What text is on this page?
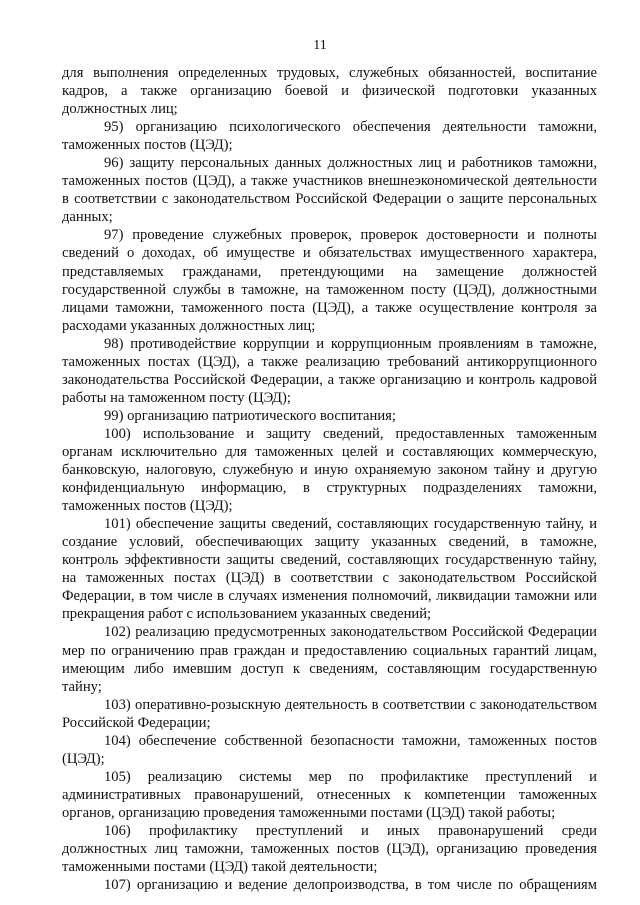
11

для выполнения определенных трудовых, служебных обязанностей, воспитание кадров, а также организацию боевой и физической подготовки указанных должностных лиц;

95) организацию психологического обеспечения деятельности таможни, таможенных постов (ЦЭД);

96) защиту персональных данных должностных лиц и работников таможни, таможенных постов (ЦЭД), а также участников внешнеэкономической деятельности в соответствии с законодательством Российской Федерации о защите персональных данных;

97) проведение служебных проверок, проверок достоверности и полноты сведений о доходах, об имуществе и обязательствах имущественного характера, представляемых гражданами, претендующими на замещение должностей государственной службы в таможне, на таможенном посту (ЦЭД), должностными лицами таможни, таможенного поста (ЦЭД), а также осуществление контроля за расходами указанных должностных лиц;

98) противодействие коррупции и коррупционным проявлениям в таможне, таможенных постах (ЦЭД), а также реализацию требований антикоррупционного законодательства Российской Федерации, а также организацию и контроль кадровой работы на таможенном посту (ЦЭД);

99) организацию патриотического воспитания;

100) использование и защиту сведений, предоставленных таможенным органам исключительно для таможенных целей и составляющих коммерческую, банковскую, налоговую, служебную и иную охраняемую законом тайну и другую конфиденциальную информацию, в структурных подразделениях таможни, таможенных постов (ЦЭД);

101) обеспечение защиты сведений, составляющих государственную тайну, и создание условий, обеспечивающих защиту указанных сведений, в таможне, контроль эффективности защиты сведений, составляющих государственную тайну, на таможенных постах (ЦЭД) в соответствии с законодательством Российской Федерации, в том числе в случаях изменения полномочий, ликвидации таможни или прекращения работ с использованием указанных сведений;

102) реализацию предусмотренных законодательством Российской Федерации мер по ограничению прав граждан и предоставлению социальных гарантий лицам, имеющим либо имевшим доступ к сведениям, составляющим государственную тайну;

103) оперативно-розыскную деятельность в соответствии с законодательством Российской Федерации;

104) обеспечение собственной безопасности таможни, таможенных постов (ЦЭД);

105) реализацию системы мер по профилактике преступлений и административных правонарушений, отнесенных к компетенции таможенных органов, организацию проведения таможенными постами (ЦЭД) такой работы;

106) профилактику преступлений и иных правонарушений среди должностных лиц таможни, таможенных постов (ЦЭД), организацию проведения таможенными постами (ЦЭД) такой деятельности;

107) организацию и ведение делопроизводства, в том числе по обращениям
